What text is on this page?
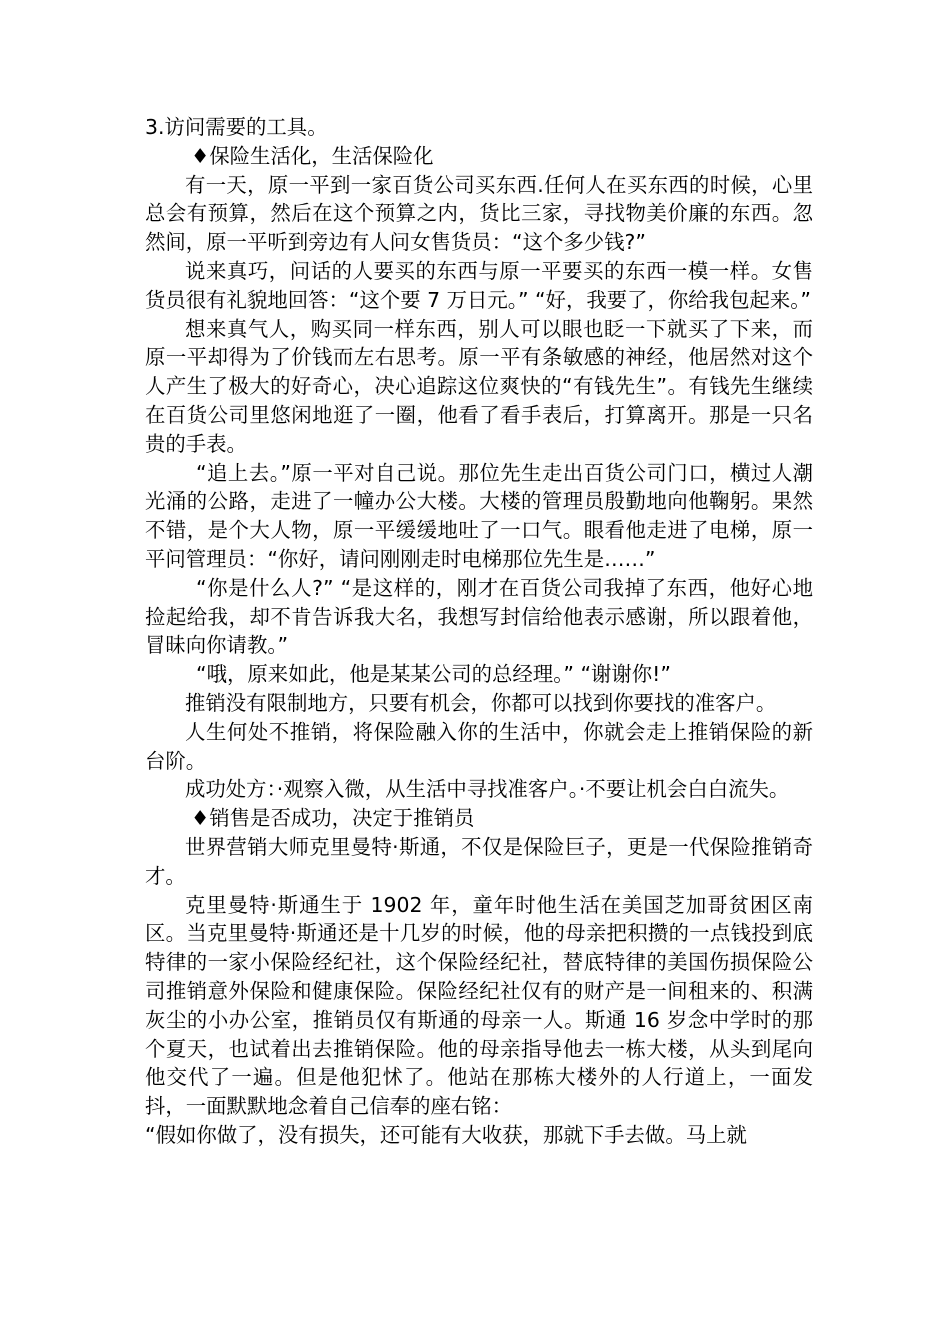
3.访问需要的工具。

♦保险生活化，生活保险化

有一天，原一平到一家百货公司买东西.任何人在买东西的时候，心里总会有预算，然后在这个预算之内，货比三家，寻找物美价廉的东西。忽然间，原一平听到旁边有人问女售货员：“这个多少钱?”

说来真巧，问话的人要买的东西与原一平要买的东西一模一样。女售货员很有礼貌地回答：“这个要 7 万日元。” “好，我要了，你给我包起来。”

想来真气人，购买同一样东西，别人可以眼也眨一下就买了下来，而原一平却得为了价钱而左右思考。原一平有条敏感的神经，他居然对这个人产生了极大的好奇心，决心追踪这位爽快的“有钱先生”。有钱先生继续在百货公司里悠闲地逛了一圈，他看了看手表后，打算离开。那是一只名贵的手表。

“追上去。”原一平对自己说。那位先生走出百货公司门口，横过人潮光涌的公路，走进了一幢办公大楼。大楼的管理员殷勤地向他鞠躬。果然不错，是个大人物，原一平缓缓地吐了一口气。眼看他走进了电梯，原一平问管理员：“你好，请问刚刚走时电梯那位先生是……”

“你是什么人?” “是这样的，刚才在百货公司我掉了东西，他好心地捡起给我，却不肯告诉我大名，我想写封信给他表示感谢，所以跟着他，冒昧向你请教。”

“哦，原来如此，他是某某公司的总经理。” “谢谢你!”

推销没有限制地方，只要有机会，你都可以找到你要找的准客户。

人生何处不推销，将保险融入你的生活中，你就会走上推销保险的新台阶。

成功处方：·观察入微，从生活中寻找准客户。·不要让机会白白流失。

♦销售是否成功，决定于推销员

世界营销大师克里曼特·斯通，不仅是保险巨子，更是一代保险推销奇才。

克里曼特·斯通生于 1902 年，童年时他生活在美国芝加哥贫困区南区。当克里曼特·斯通还是十几岁的时候，他的母亲把积攒的一点钱投到底特律的一家小保险经纪社，这个保险经纪社，替底特律的美国伤损保险公司推销意外保险和健康保险。保险经纪社仅有的财产是一间租来的、积满灰尘的小办公室，推销员仅有斯通的母亲一人。斯通 16 岁念中学时的那个夏天，也试着出去推销保险。他的母亲指导他去一栋大楼，从头到尾向他交代了一遍。但是他犯怵了。他站在那栋大楼外的人行道上，一面发抖，一面默默地念着自己信奉的座右铭：

“假如你做了，没有损失，还可能有大收获，那就下手去做。马上就
